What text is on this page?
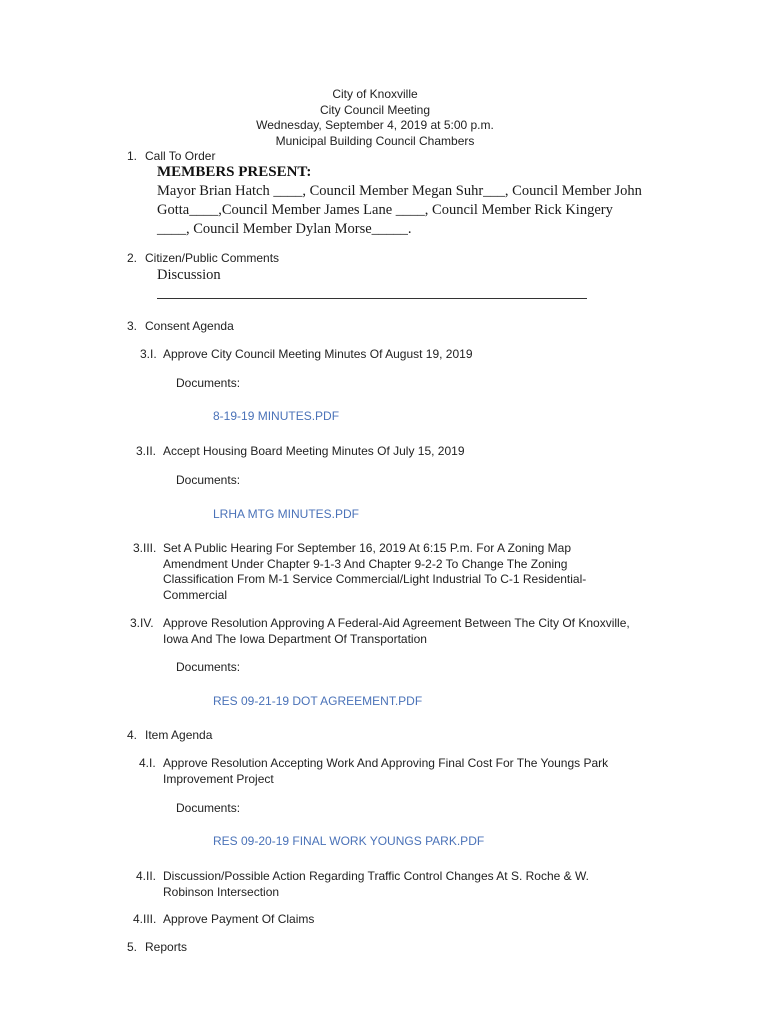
City of Knoxville
City Council Meeting
Wednesday, September 4, 2019 at 5:00 p.m.
Municipal Building Council Chambers
1. Call To Order
MEMBERS PRESENT:
Mayor Brian Hatch ____, Council Member Megan Suhr___, Council Member John
Gotta____,Council Member James Lane ____, Council Member Rick Kingery
____, Council Member Dylan Morse_____.
2. Citizen/Public Comments
Discussion
3. Consent Agenda
3.I. Approve City Council Meeting Minutes Of August 19, 2019
Documents:
8-19-19 MINUTES.PDF
3.II. Accept Housing Board Meeting Minutes Of July 15, 2019
Documents:
LRHA MTG MINUTES.PDF
3.III. Set A Public Hearing For September 16, 2019 At 6:15 P.m. For A Zoning Map Amendment Under Chapter 9-1-3 And Chapter 9-2-2 To Change The Zoning Classification From M-1 Service Commercial/Light Industrial To C-1 Residential-Commercial
3.IV. Approve Resolution Approving A Federal-Aid Agreement Between The City Of Knoxville, Iowa And The Iowa Department Of Transportation
Documents:
RES 09-21-19 DOT AGREEMENT.PDF
4. Item Agenda
4.I. Approve Resolution Accepting Work And Approving Final Cost For The Youngs Park Improvement Project
Documents:
RES 09-20-19 FINAL WORK YOUNGS PARK.PDF
4.II. Discussion/Possible Action Regarding Traffic Control Changes At S. Roche & W. Robinson Intersection
4.III. Approve Payment Of Claims
5. Reports
